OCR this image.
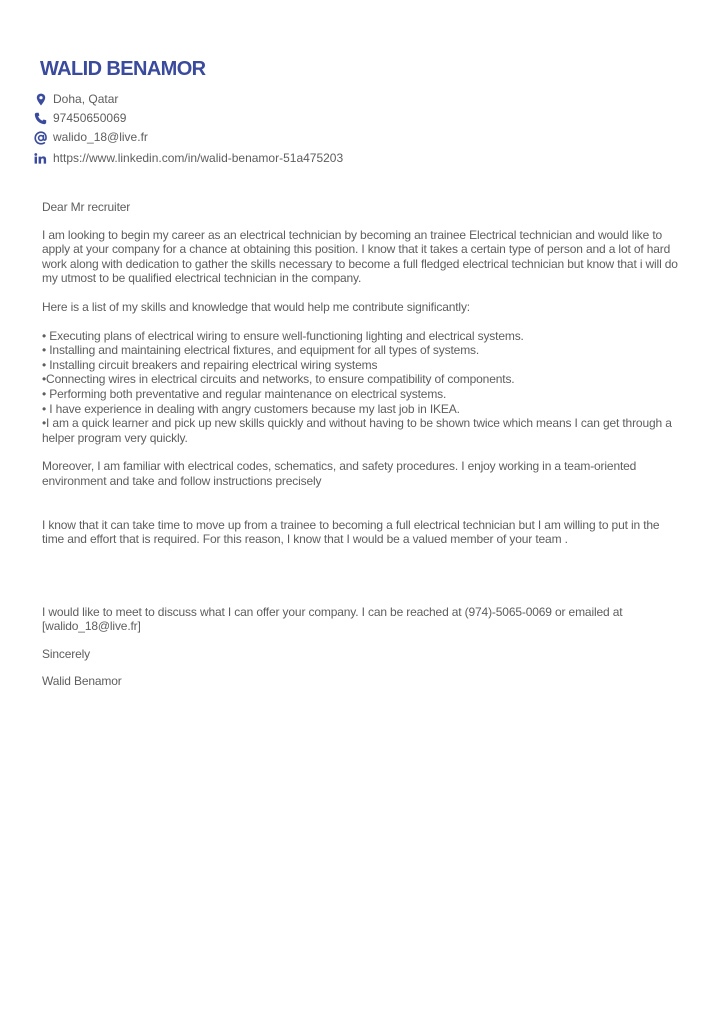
WALID BENAMOR
Doha, Qatar
97450650069
walido_18@live.fr
https://www.linkedin.com/in/walid-benamor-51a475203

Dear Mr recruiter

I am looking to begin my career as an electrical technician by becoming an trainee Electrical technician and would like to apply at your company for a chance at obtaining this position. I know that it takes a certain type of person and a lot of hard work along with dedication to gather the skills necessary to become a full fledged electrical technician but know that i will do my utmost to be qualified electrical technician in the company.

Here is a list of my skills and knowledge that would help me contribute significantly:

• Executing plans of electrical wiring to ensure well-functioning lighting and electrical systems.

• Installing and maintaining electrical fixtures, and equipment for all types of systems.

• Installing circuit breakers and repairing electrical wiring systems

•Connecting wires in electrical circuits and networks, to ensure compatibility of components.

• Performing both preventative and regular maintenance on electrical systems.

• I have experience in dealing with angry customers because my last job in IKEA.

•I am a quick learner and pick up new skills quickly and without having to be shown twice which means I can get through a helper program very quickly.

Moreover, I am familiar with electrical codes, schematics, and safety procedures. I enjoy working in a team-oriented environment and take and follow instructions precisely

I know that it can take time to move up from a trainee to becoming a full electrical technician but I am willing to put in the time and effort that is required. For this reason, I know that I would be a valued member of your team .

I would like to meet to discuss what I can offer your company. I can be reached at (974)-5065-0069 or emailed at [walido_18@live.fr]

Sincerely

Walid Benamor
